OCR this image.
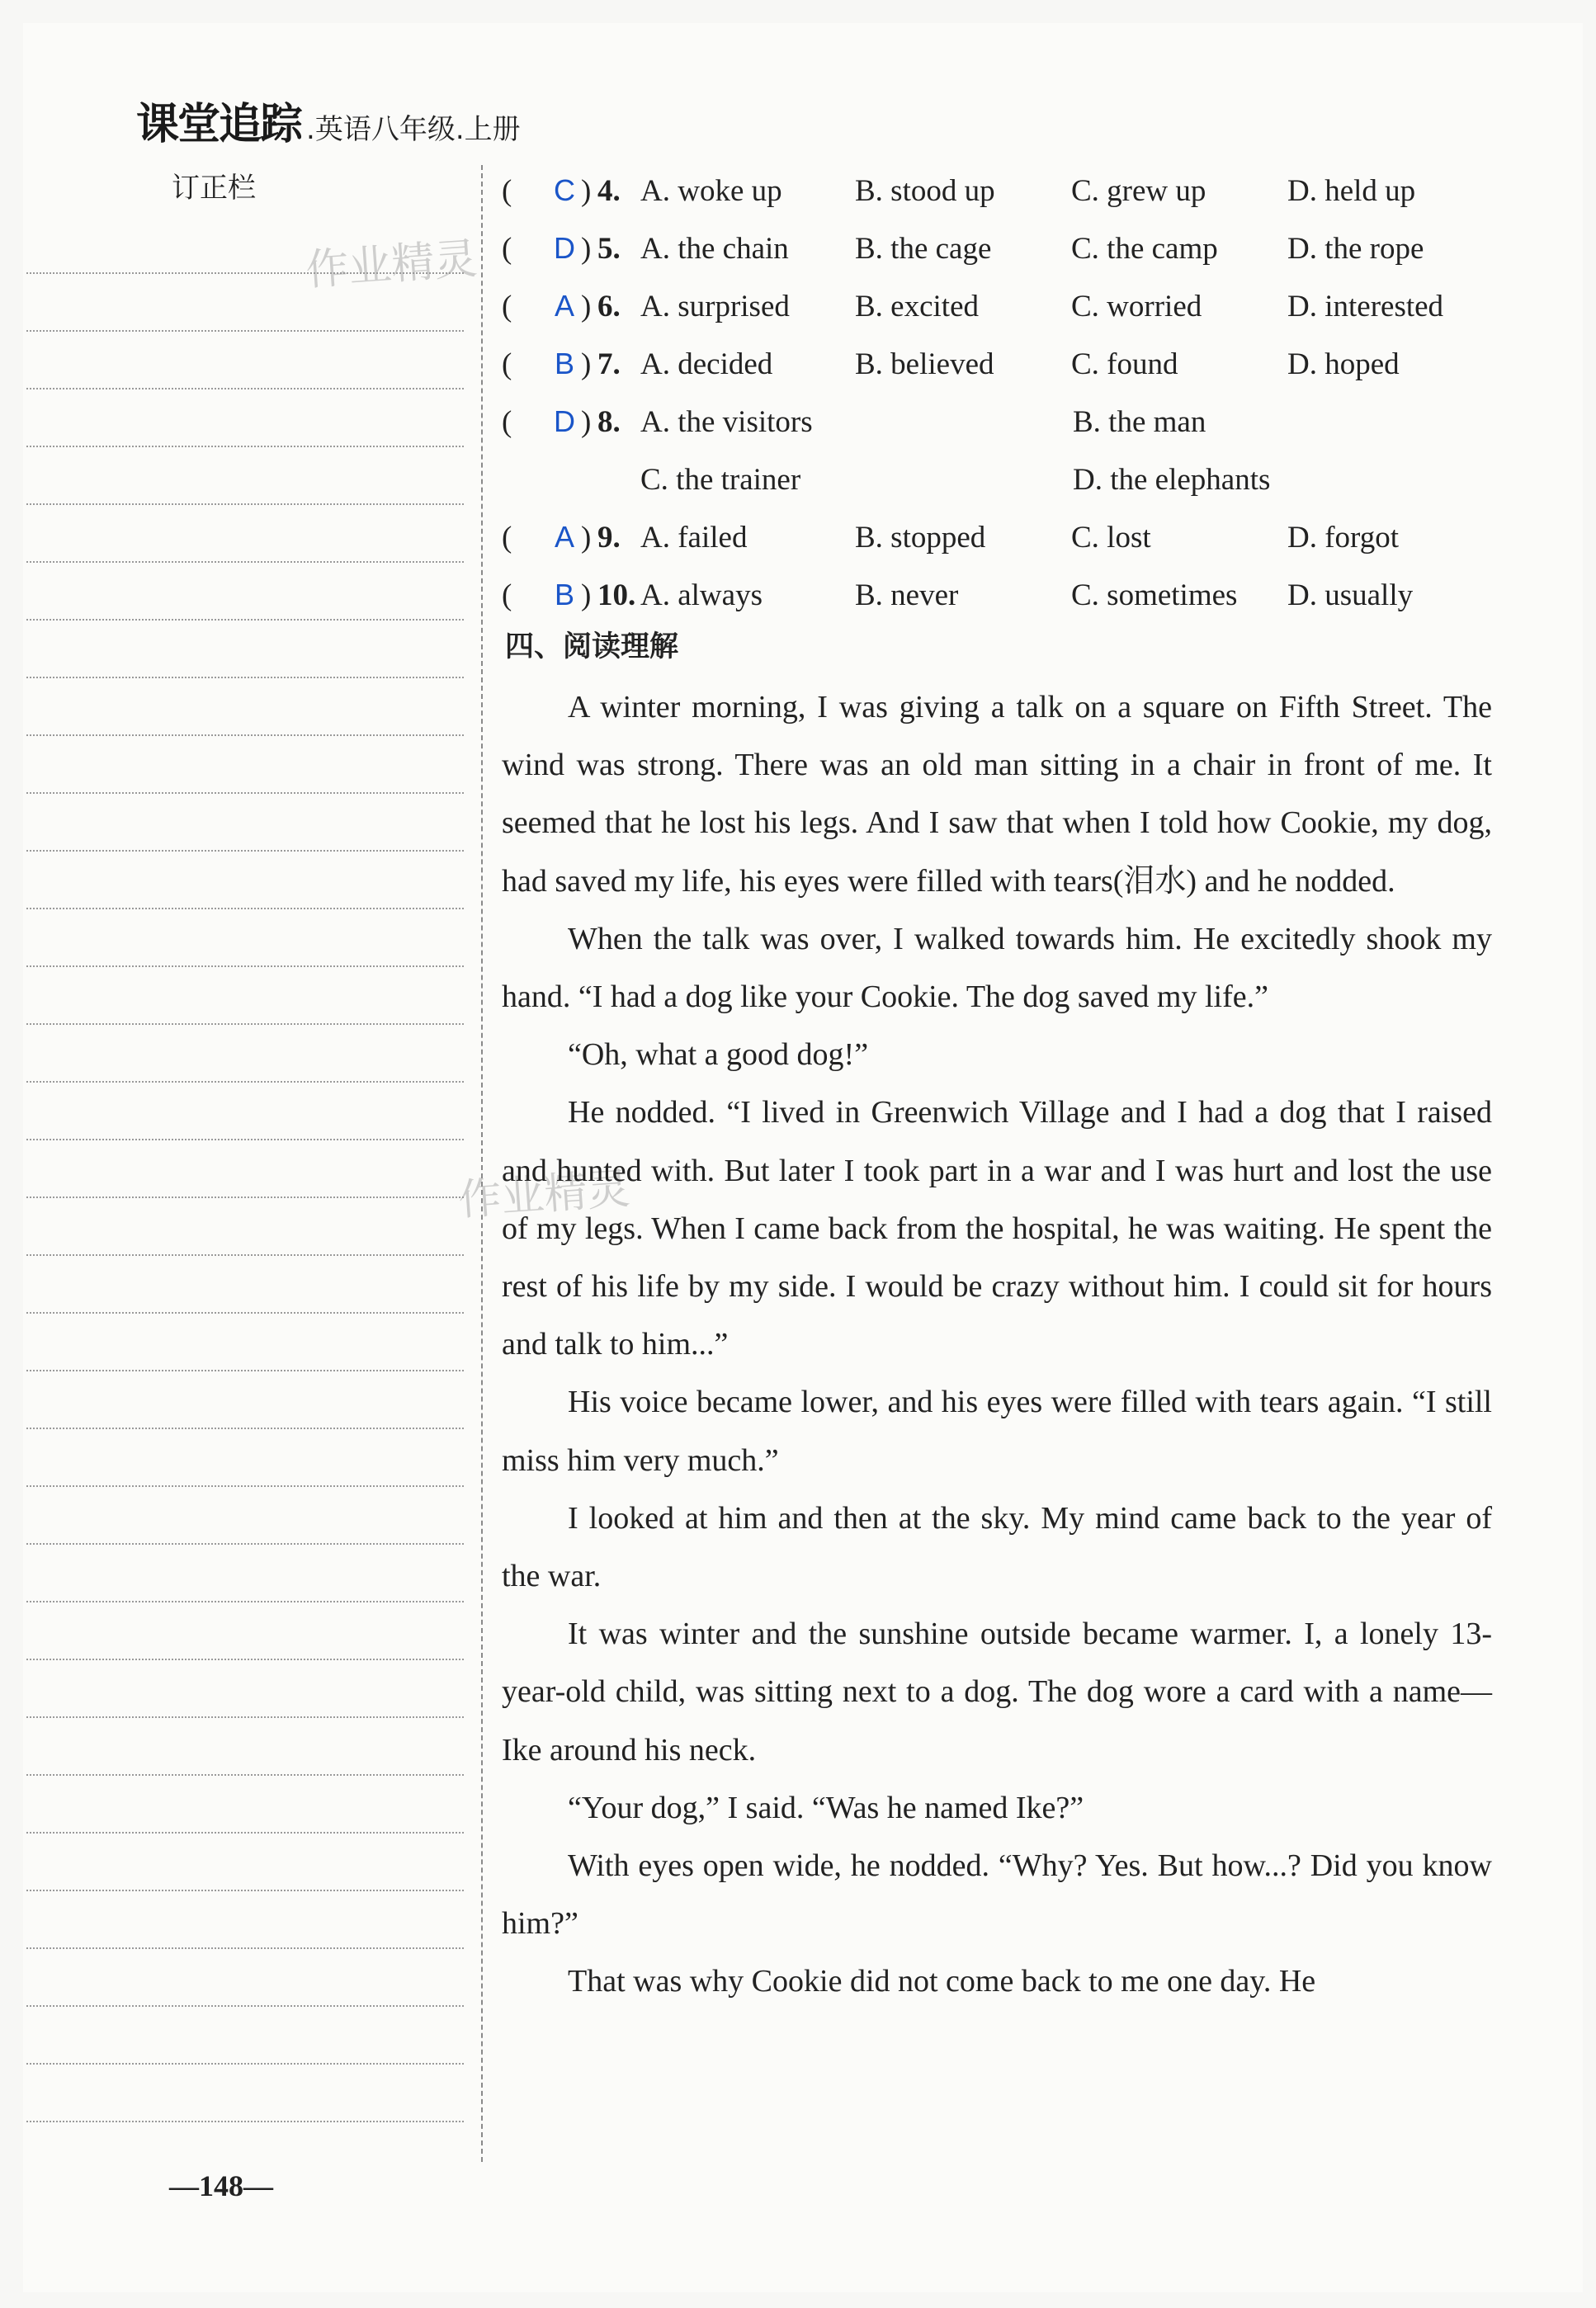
课堂追踪 .英语八年级.上册
订正栏
作业精灵
作业精灵
(	C ) 4. A. woke up	B. stood up	C. grew up	D. held up
(	D ) 5. A. the chain	B. the cage	C. the camp	D. the rope
(	A ) 6. A. surprised	B. excited	C. worried	D. interested
(	B ) 7. A. decided	B. believed	C. found	D. hoped
(	D ) 8. A. the visitors	B. the man
C. the trainer	D. the elephants
(	A ) 9. A. failed	B. stopped	C. lost	D. forgot
(	B ) 10. A. always	B. never	C. sometimes	D. usually
四、阅读理解

A winter morning, I was giving a talk on a square on Fifth Street. The wind was strong. There was an old man sitting in a chair in front of me. It seemed that he lost his legs. And I saw that when I told how Cookie, my dog, had saved my life, his eyes were filled with tears(泪水) and he nodded.

When the talk was over, I walked towards him. He excitedly shook my hand. “I had a dog like your Cookie. The dog saved my life.”

“Oh, what a good dog!”

He nodded. “I lived in Greenwich Village and I had a dog that I raised and hunted with. But later I took part in a war and I was hurt and lost the use of my legs. When I came back from the hospital, he was waiting. He spent the rest of his life by my side. I would be crazy without him. I could sit for hours and talk to him...”

His voice became lower, and his eyes were filled with tears again. “I still miss him very much.”

I looked at him and then at the sky. My mind came back to the year of the war.

It was winter and the sunshine outside became warmer. I, a lonely 13-year-old child, was sitting next to a dog. The dog wore a card with a name—Ike around his neck.

“Your dog,” I said. “Was he named Ike?”

With eyes open wide, he nodded. “Why? Yes. But how...? Did you know him?”

That was why Cookie did not come back to me one day. He

—148—
